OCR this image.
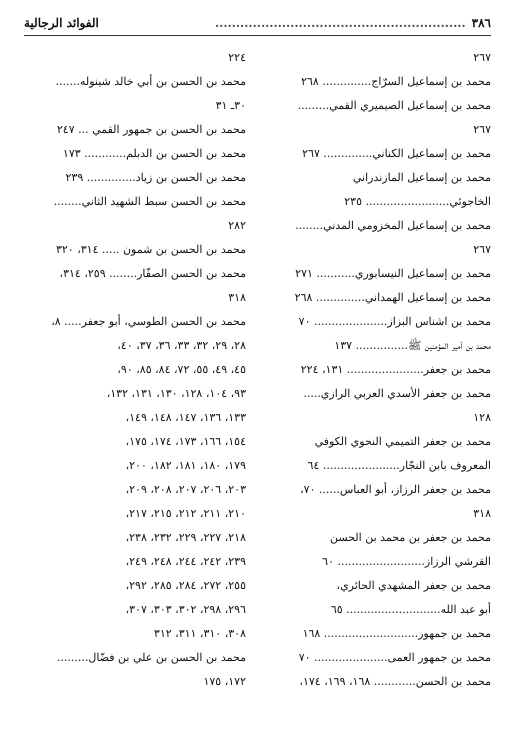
٣٨٦
............................................................
الفوائد الرجالية
٢٦٧
محمد بن إسماعيل السرّاج.............. ٢٦٨
محمد بن إسماعيل الصيميري القمي.........
٢٦٧
محمد بن إسماعيل الكناني.............. ٢٦٧
محمد بن إسماعيل المازندراني
الخاجوئي........................ ٢٣٥
محمد بن إسماعيل المخزومي المدني........
٢٦٧
محمد بن إسماعيل النيسابوري........... ٢٧١
محمد بن إسماعيل الهمداني.............. ٢٦٨
محمد بن اشناس البزاز..................... ٧٠
محمد بن أمير المؤمنين ﷺ............... ١٣٧
محمد بن جعفر...................... ١٣١، ٢٢٤
محمد بن جعفر الأسدي العربي الرازي.....
١٢٨
محمد بن جعفر التميمي النحوي الكوفي
المعروف بابن النجّار...................... ٦٤
محمد بن جعفر الرزاز، أبو العباس...... ٧٠،
٣١٨
محمد بن جعفر بن محمد بن الحسن
القرشي الرزاز......................... ٦٠
محمد بن جعفر المشهدي الحائري،
أبو عبد الله........................... ٦٥
محمد بن جمهور........................... ١٦٨
محمد بن جمهور العمى..................... ٧٠
محمد بن الحسن............ ١٦٨، ١٦٩، ١٧٤،
٢٢٤
محمد بن الحسن بن أبي خالد شينوله.......
٣٠ـ ٣١
محمد بن الحسن بن جمهور القمي ... ٢٤٧
محمد بن الحسن بن الدبلم............ ١٧٣
محمد بن الحسن بن زياد.............. ٢٣٩
محمد بن الحسن سبط الشهيد الثاني........
٢٨٢
محمد بن الحسن بن شمون ..... ٣١٤، ٣٢٠
محمد بن الحسن الصفّار........ ٢٥٩، ٣١٤،
٣١٨
محمد بن الحسن الطوسي، أبو جعفر..... ٨،
٢٨، ٢٩، ٣٢، ٣٣، ٣٦، ٣٧، ٤٠،
٤٥، ٤٩، ٥٥، ٧٢، ٨٤، ٨٥، ٩٠،
٩٣، ١٠٤، ١٢٨، ١٣٠، ١٣١، ١٣٢،
١٣٣، ١٣٦، ١٤٧، ١٤٨، ١٤٩،
١٥٤، ١٦٦، ١٧٣، ١٧٤، ١٧٥،
١٧٩، ١٨٠، ١٨١، ١٨٢، ٢٠٠،
٢٠٣، ٢٠٦، ٢٠٧، ٢٠٨، ٢٠٩،
٢١٠، ٢١١، ٢١٢، ٢١٥، ٢١٧،
٢١٨، ٢٢٧، ٢٢٩، ٢٣٢، ٢٣٨،
٢٣٩، ٢٤٢، ٢٤٤، ٢٤٨، ٢٤٩،
٢٥٥، ٢٧٢، ٢٨٤، ٢٨٥، ٢٩٢،
٢٩٦، ٢٩٨، ٣٠٢، ٣٠٣، ٣٠٧،
٣٠٨، ٣١٠، ٣١١، ٣١٢
محمد بن الحسن بن علي بن فضّال.........
١٧٢، ١٧٥
